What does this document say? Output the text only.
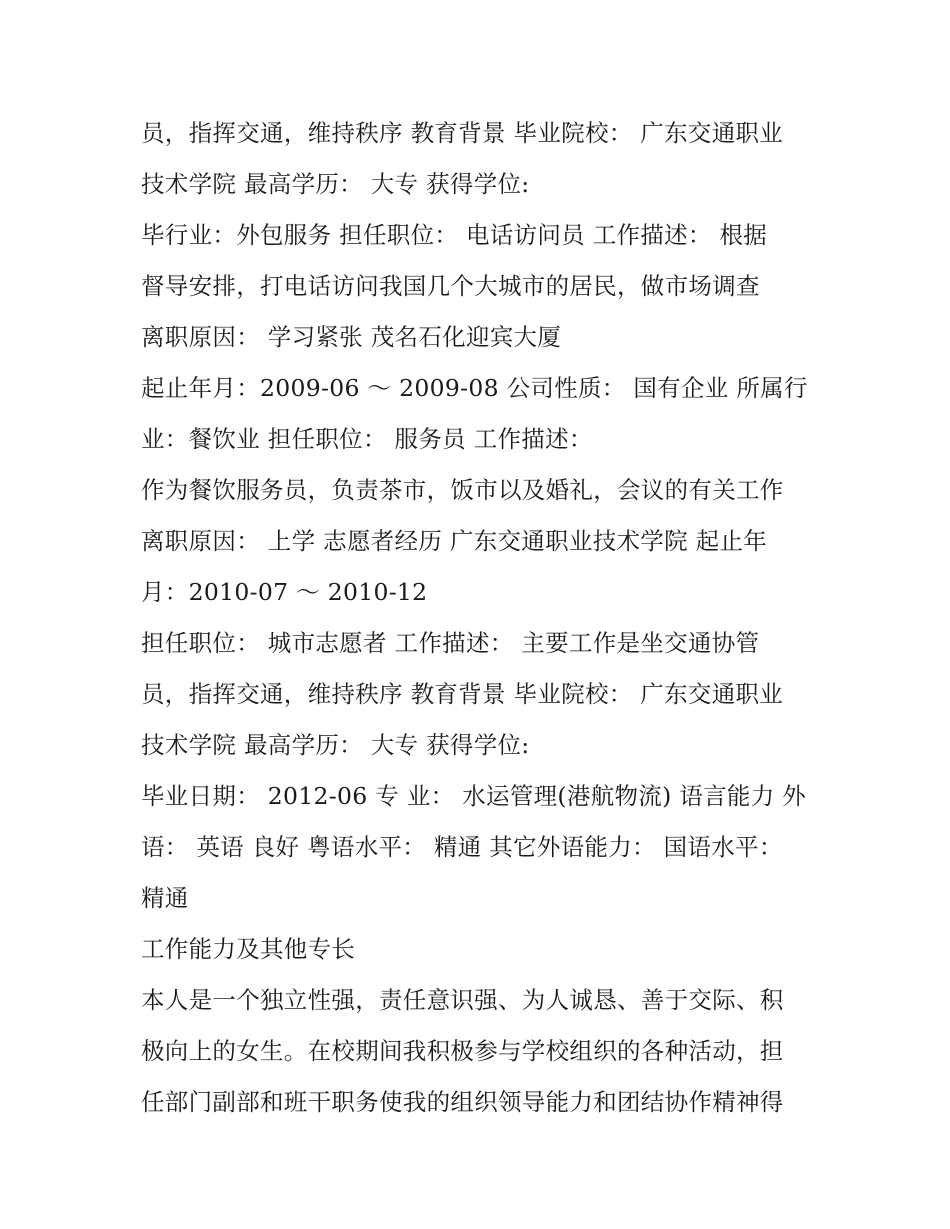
员，指挥交通，维持秩序 教育背景 毕业院校： 广东交通职业
技术学院 最高学历： 大专 获得学位:
毕行业：外包服务 担任职位： 电话访问员 工作描述： 根据
督导安排，打电话访问我国几个大城市的居民，做市场调查
离职原因： 学习紧张 茂名石化迎宾大厦
起止年月：2009-06 ～ 2009-08 公司性质： 国有企业 所属行
业：餐饮业 担任职位： 服务员 工作描述：
作为餐饮服务员，负责茶市，饭市以及婚礼，会议的有关工作
离职原因： 上学 志愿者经历 广东交通职业技术学院 起止年
月：2010-07 ～ 2010-12
担任职位： 城市志愿者 工作描述： 主要工作是坐交通协管
员，指挥交通，维持秩序 教育背景 毕业院校： 广东交通职业
技术学院 最高学历： 大专 获得学位:
毕业日期： 2012-06 专 业： 水运管理(港航物流) 语言能力 外
语： 英语 良好 粤语水平： 精通 其它外语能力： 国语水平：
精通
工作能力及其他专长
本人是一个独立性强，责任意识强、为人诚恳、善于交际、积
极向上的女生。在校期间我积极参与学校组织的各种活动，担
任部门副部和班干职务使我的组织领导能力和团结协作精神得
